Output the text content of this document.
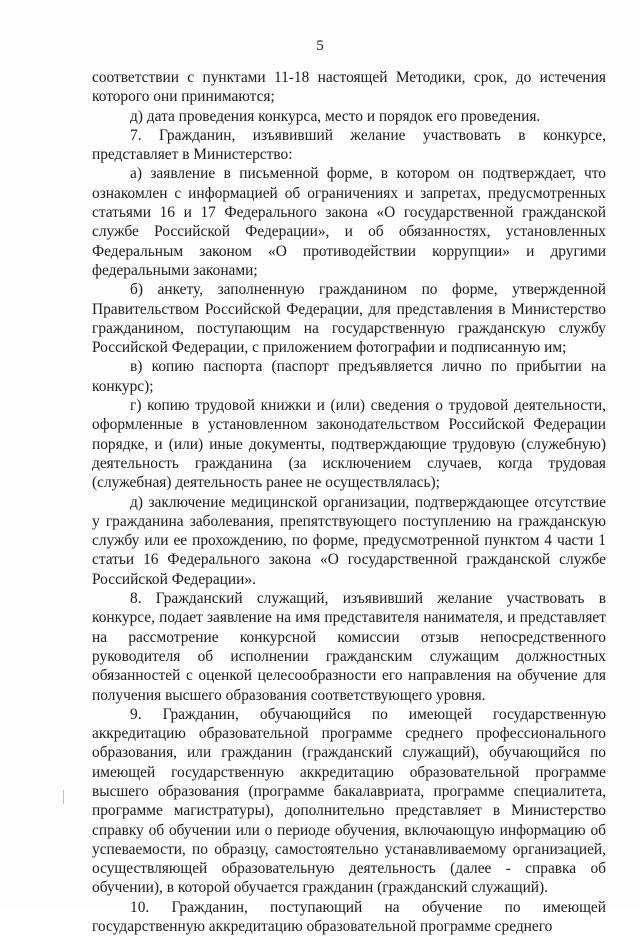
5

соответствии с пунктами 11-18 настоящей Методики, срок, до истечения которого они принимаются;

д) дата проведения конкурса, место и порядок его проведения.

7. Гражданин, изъявивший желание участвовать в конкурсе, представляет в Министерство:

а) заявление в письменной форме, в котором он подтверждает, что ознакомлен с информацией об ограничениях и запретах, предусмотренных статьями 16 и 17 Федерального закона «О государственной гражданской службе Российской Федерации», и об обязанностях, установленных Федеральным законом «О противодействии коррупции» и другими федеральными законами;

б) анкету, заполненную гражданином по форме, утвержденной Правительством Российской Федерации, для представления в Министерство гражданином, поступающим на государственную гражданскую службу Российской Федерации, с приложением фотографии и подписанную им;

в) копию паспорта (паспорт предъявляется лично по прибытии на конкурс);

г) копию трудовой книжки и (или) сведения о трудовой деятельности, оформленные в установленном законодательством Российской Федерации порядке, и (или) иные документы, подтверждающие трудовую (служебную) деятельность гражданина (за исключением случаев, когда трудовая (служебная) деятельность ранее не осуществлялась);

д) заключение медицинской организации, подтверждающее отсутствие у гражданина заболевания, препятствующего поступлению на гражданскую службу или ее прохождению, по форме, предусмотренной пунктом 4 части 1 статьи 16 Федерального закона «О государственной гражданской службе Российской Федерации».

8. Гражданский служащий, изъявивший желание участвовать в конкурсе, подает заявление на имя представителя нанимателя, и представляет на рассмотрение конкурсной комиссии отзыв непосредственного руководителя об исполнении гражданским служащим должностных обязанностей с оценкой целесообразности его направления на обучение для получения высшего образования соответствующего уровня.

9. Гражданин, обучающийся по имеющей государственную аккредитацию образовательной программе среднего профессионального образования, или гражданин (гражданский служащий), обучающийся по имеющей государственную аккредитацию образовательной программе высшего образования (программе бакалавриата, программе специалитета, программе магистратуры), дополнительно представляет в Министерство справку об обучении или о периоде обучения, включающую информацию об успеваемости, по образцу, самостоятельно устанавливаемому организацией, осуществляющей образовательную деятельность (далее - справка об обучении), в которой обучается гражданин (гражданский служащий).

10. Гражданин, поступающий на обучение по имеющей государственную аккредитацию образовательной программе среднего
